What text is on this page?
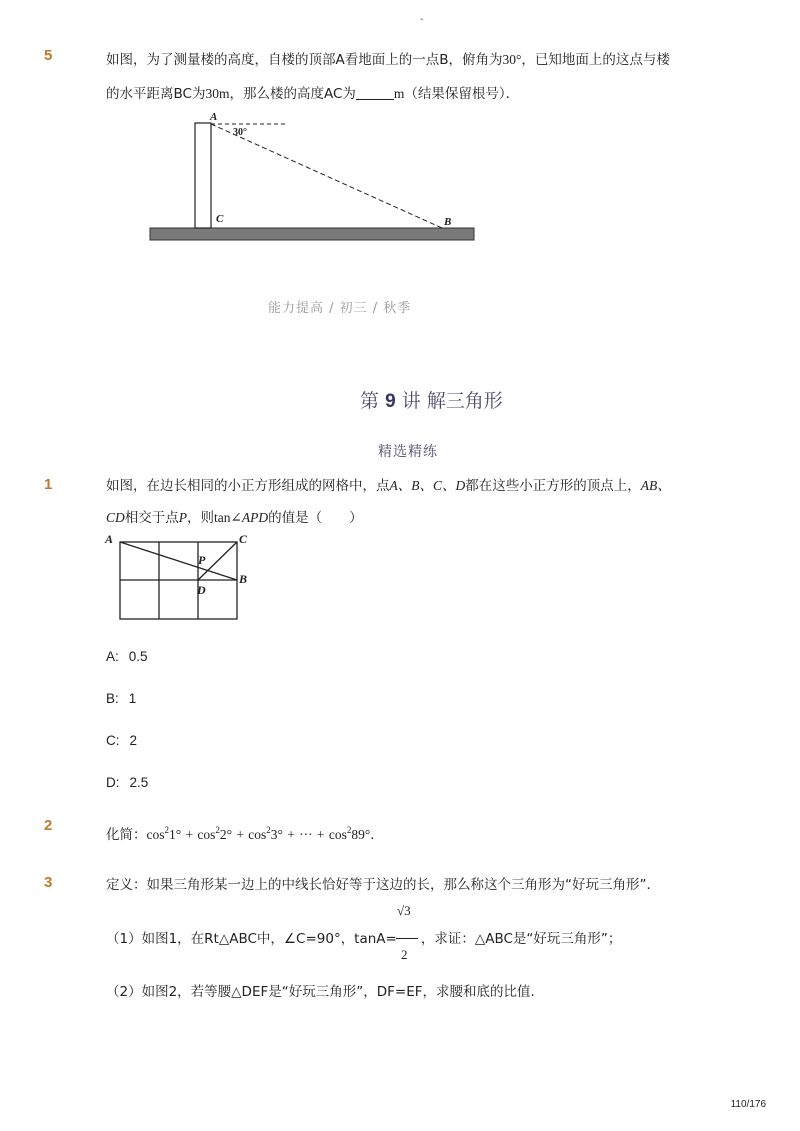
-
5	如图，为了测量楼的高度，自楼的顶部A看地面上的一点B，俯角为30°，已知地面上的这点与楼
的水平距离BC为30m，那么楼的高度AC为	m（结果保留根号）．
A
30°
C	B
能力提高 / 初三 / 秋季
第 9 讲 解三角形
精选精练
1	如图，在边长相同的小正方形组成的网格中，点A、B、C、D都在这些小正方形的顶点上，AB、
CD相交于点P，则tan∠APD的值是（　　）
A	C
B
P
D
A: 0.5
B: 1
C: 2
D: 2.5
2
化简：$\cos^21^\circ + \cos^22^\circ + \cos^23^\circ$ + ··· + $\cos^289^\circ$．
3	定义：如果三角形某一边上的中线长恰好等于这边的长，那么称这个三角形为“好玩三角形”．
（1）如图1，在Rt△ABC中，∠C=90°，tanA= ，求证：△ABC是“好玩三角形”；
√3
2
（2）如图2，若等腰△DEF是“好玩三角形”，DF=EF，求腰和底的比值．
110/176
